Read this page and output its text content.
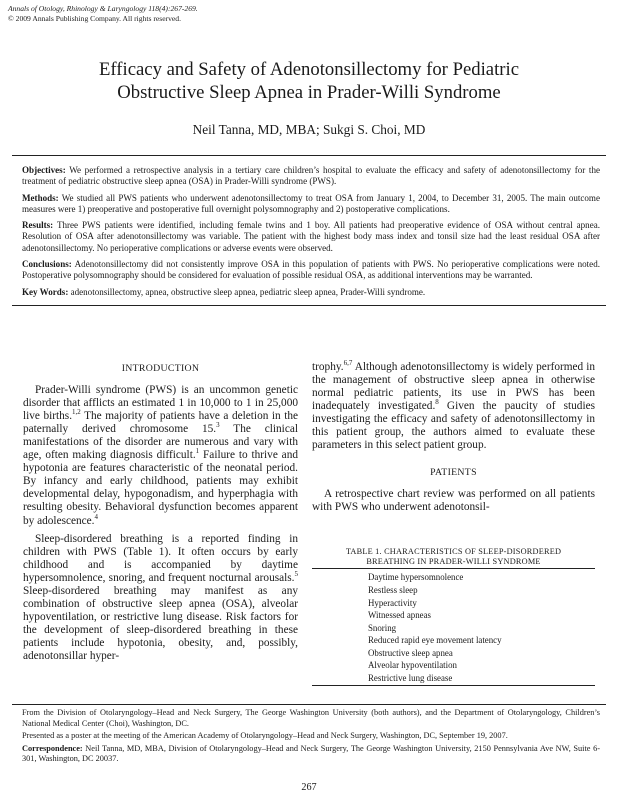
Annals of Otology, Rhinology & Laryngology 118(4):267-269.
© 2009 Annals Publishing Company. All rights reserved.
Efficacy and Safety of Adenotonsillectomy for Pediatric
Obstructive Sleep Apnea in Prader-Willi Syndrome
Neil Tanna, MD, MBA; Sukgi S. Choi, MD

Objectives: We performed a retrospective analysis in a tertiary care children’s hospital to evaluate the efficacy and safety of adenotonsillectomy for the treatment of pediatric obstructive sleep apnea (OSA) in Prader-Willi syndrome (PWS).

Methods: We studied all PWS patients who underwent adenotonsillectomy to treat OSA from January 1, 2004, to December 31, 2005. The main outcome measures were 1) preoperative and postoperative full overnight polysomnography and 2) postoperative complications.

Results: Three PWS patients were identified, including female twins and 1 boy. All patients had preoperative evidence of OSA without central apnea. Resolution of OSA after adenotonsillectomy was variable. The patient with the highest body mass index and tonsil size had the least residual OSA after adenotonsillectomy. No perioperative complications or adverse events were observed.

Conclusions: Adenotonsillectomy did not consistently improve OSA in this population of patients with PWS. No perioperative complications were noted. Postoperative polysomnography should be considered for evaluation of possible residual OSA, as additional interventions may be warranted.

Key Words: adenotonsillectomy, apnea, obstructive sleep apnea, pediatric sleep apnea, Prader-Willi syndrome.

INTRODUCTION

Prader-Willi syndrome (PWS) is an uncommon genetic disorder that afflicts an estimated 1 in 10,000 to 1 in 25,000 live births.$^{1,2}$ The majority of patients have a deletion in the paternally derived chromosome 15.$^3$ The clinical manifestations of the disorder are numerous and vary with age, often making diagnosis difficult.$^1$ Failure to thrive and hypotonia are features characteristic of the neonatal period. By infancy and early childhood, patients may exhibit developmental delay, hypogonadism, and hyperphagia with resulting obesity. Behavioral dysfunction becomes apparent by adolescence.$^4$

Sleep-disordered breathing is a reported finding in children with PWS (Table 1). It often occurs by early childhood and is accompanied by daytime hypersomnolence, snoring, and frequent nocturnal arousals.$^5$ Sleep-disordered breathing may manifest as any combination of obstructive sleep apnea (OSA), alveolar hypoventilation, or restrictive lung disease. Risk factors for the development of sleep-disordered breathing in these patients include hypotonia, obesity, and, possibly, adenotonsillar hyper-

trophy.$^{6,7}$ Although adenotonsillectomy is widely performed in the management of obstructive sleep apnea in otherwise normal pediatric patients, its use in PWS has been inadequately investigated.$^8$ Given the paucity of studies investigating the efficacy and safety of adenotonsillectomy in this patient group, the authors aimed to evaluate these parameters in this select patient group.

PATIENTS

A retrospective chart review was performed on all patients with PWS who underwent adenotonsil-

TABLE 1. CHARACTERISTICS OF SLEEP-DISORDERED
BREATHING IN PRADER-WILLI SYNDROME
Daytime hypersomnolence
Restless sleep
Hyperactivity
Witnessed apneas
Snoring
Reduced rapid eye movement latency
Obstructive sleep apnea
Alveolar hypoventilation
Restrictive lung disease

From the Division of Otolaryngology–Head and Neck Surgery, The George Washington University (both authors), and the Department of Otolaryngology, Children’s National Medical Center (Choi), Washington, DC.

Presented as a poster at the meeting of the American Academy of Otolaryngology–Head and Neck Surgery, Washington, DC, September 19, 2007.

Correspondence: Neil Tanna, MD, MBA, Division of Otolaryngology–Head and Neck Surgery, The George Washington University, 2150 Pennsylvania Ave NW, Suite 6-301, Washington, DC 20037.

267
